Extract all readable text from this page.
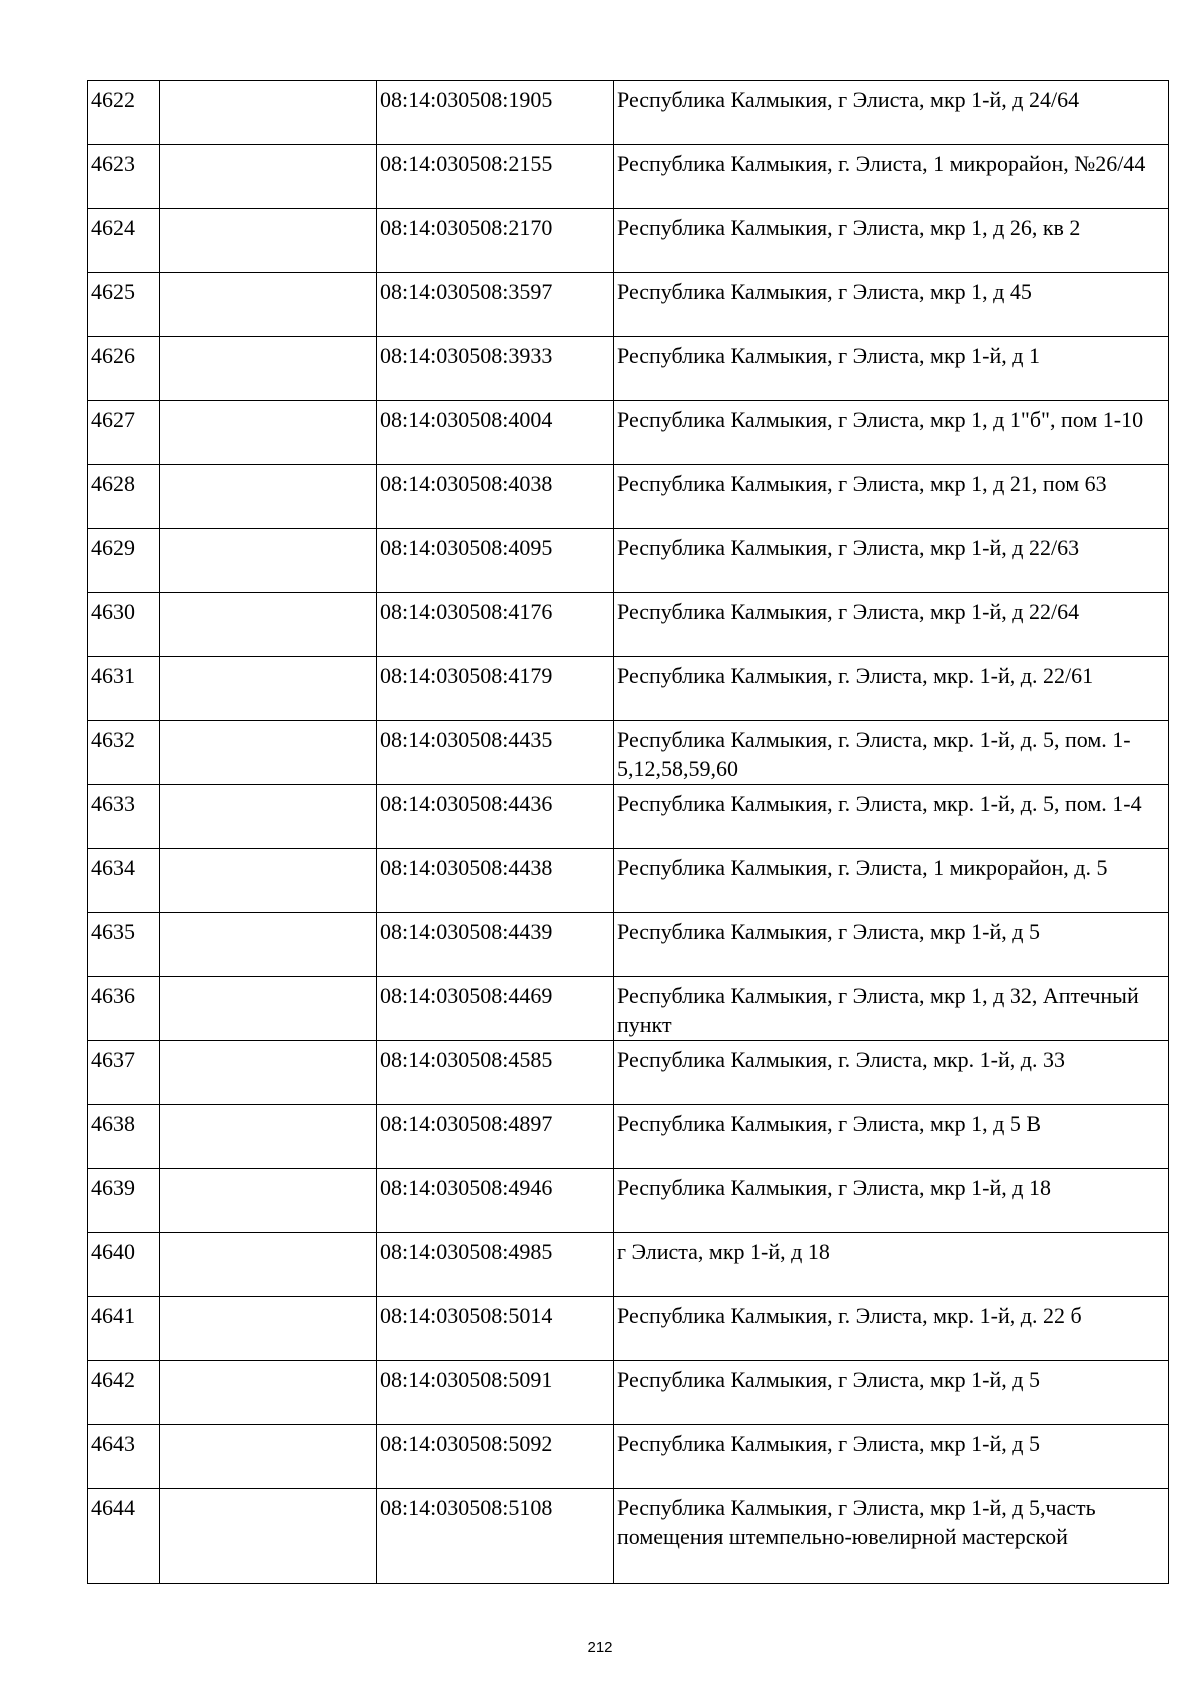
4622		08:14:030508:1905	Республика Калмыкия, г Элиста, мкр 1-й, д 24/64
4623		08:14:030508:2155	Республика Калмыкия, г. Элиста, 1 микрорайон, №26/44
4624		08:14:030508:2170	Республика Калмыкия, г Элиста, мкр 1, д 26, кв 2
4625		08:14:030508:3597	Республика Калмыкия, г Элиста, мкр 1, д 45
4626		08:14:030508:3933	Республика Калмыкия, г Элиста, мкр 1-й, д 1
4627		08:14:030508:4004	Республика Калмыкия, г Элиста, мкр 1, д 1"б", пом 1-10
4628		08:14:030508:4038	Республика Калмыкия, г Элиста, мкр 1, д 21, пом 63
4629		08:14:030508:4095	Республика Калмыкия, г Элиста, мкр 1-й, д 22/63
4630		08:14:030508:4176	Республика Калмыкия, г Элиста, мкр 1-й, д 22/64
4631		08:14:030508:4179	Республика Калмыкия, г. Элиста, мкр. 1-й, д. 22/61
4632		08:14:030508:4435	Республика Калмыкия, г. Элиста, мкр. 1-й, д. 5, пом. 1-5,12,58,59,60
4633		08:14:030508:4436	Республика Калмыкия, г. Элиста, мкр. 1-й, д. 5, пом. 1-4
4634		08:14:030508:4438	Республика Калмыкия, г. Элиста, 1 микрорайон, д. 5
4635		08:14:030508:4439	Республика Калмыкия, г Элиста, мкр 1-й, д 5
4636		08:14:030508:4469	Республика Калмыкия, г Элиста, мкр 1, д 32, Аптечный пункт
4637		08:14:030508:4585	Республика Калмыкия, г. Элиста, мкр. 1-й, д. 33
4638		08:14:030508:4897	Республика Калмыкия, г Элиста, мкр 1, д 5 В
4639		08:14:030508:4946	Республика Калмыкия, г Элиста, мкр 1-й, д 18
4640		08:14:030508:4985	г Элиста, мкр 1-й, д 18
4641		08:14:030508:5014	Республика Калмыкия, г. Элиста, мкр. 1-й, д. 22 б
4642		08:14:030508:5091	Республика Калмыкия, г Элиста, мкр 1-й, д 5
4643		08:14:030508:5092	Республика Калмыкия, г Элиста, мкр 1-й, д 5
4644		08:14:030508:5108	Республика Калмыкия, г Элиста, мкр 1-й, д 5,часть помещения штемпельно-ювелирной мастерской
212
